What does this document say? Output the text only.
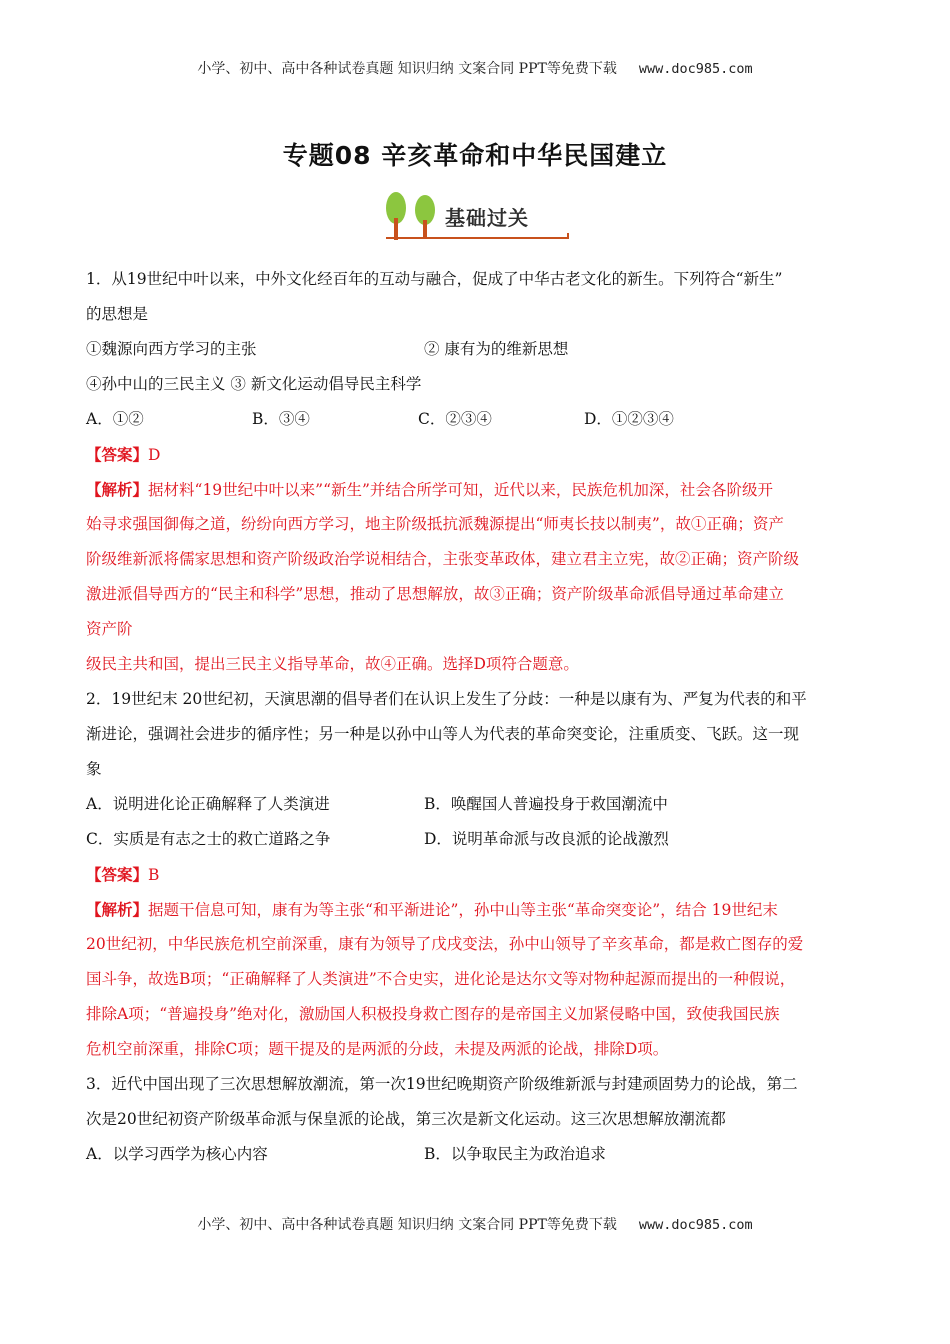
小学、初中、高中各种试卷真题 知识归纳 文案合同 PPT等免费下载 www.doc985.com
专题08 辛亥革命和中华民国建立
基础过关
1．从19世纪中叶以来，中外文化经百年的互动与融合，促成了中华古老文化的新生。下列符合“新生”
的思想是
①魏源向西方学习的主张	② 康有为的维新思想
④孙中山的三民主义 ③ 新文化运动倡导民主科学
A．①②	B．③④	C．②③④	D．①②③④
【答案】D
【解析】据材料“19世纪中叶以来”“新生”并结合所学可知，近代以来，民族危机加深，社会各阶级开
始寻求强国御侮之道，纷纷向西方学习，地主阶级抵抗派魏源提出“师夷长技以制夷”，故①正确；资产
阶级维新派将儒家思想和资产阶级政治学说相结合，主张变革政体，建立君主立宪，故②正确；资产阶级
激进派倡导西方的“民主和科学”思想，推动了思想解放，故③正确；资产阶级革命派倡导通过革命建立
资产阶
级民主共和国，提出三民主义指导革命，故④正确。选择D项符合题意。
2．19世纪末 20世纪初，天演思潮的倡导者们在认识上发生了分歧：一种是以康有为、严复为代表的和平
渐进论，强调社会进步的循序性；另一种是以孙中山等人为代表的革命突变论，注重质变、飞跃。这一现
象
A．说明进化论正确解释了人类演进	B．唤醒国人普遍投身于救国潮流中
C．实质是有志之士的救亡道路之争	D．说明革命派与改良派的论战激烈
【答案】B
【解析】据题干信息可知，康有为等主张“和平渐进论”，孙中山等主张“革命突变论”，结合 19世纪末
20世纪初，中华民族危机空前深重，康有为领导了戊戌变法，孙中山领导了辛亥革命，都是救亡图存的爱
国斗争，故选B项；“正确解释了人类演进”不合史实，进化论是达尔文等对物种起源而提出的一种假说，
排除A项；“普遍投身”绝对化，激励国人积极投身救亡图存的是帝国主义加紧侵略中国，致使我国民族
危机空前深重，排除C项；题干提及的是两派的分歧，未提及两派的论战，排除D项。
3．近代中国出现了三次思想解放潮流，第一次19世纪晚期资产阶级维新派与封建顽固势力的论战，第二
次是20世纪初资产阶级革命派与保皇派的论战，第三次是新文化运动。这三次思想解放潮流都
A．以学习西学为核心内容	B．以争取民主为政治追求
小学、初中、高中各种试卷真题 知识归纳 文案合同 PPT等免费下载 www.doc985.com
